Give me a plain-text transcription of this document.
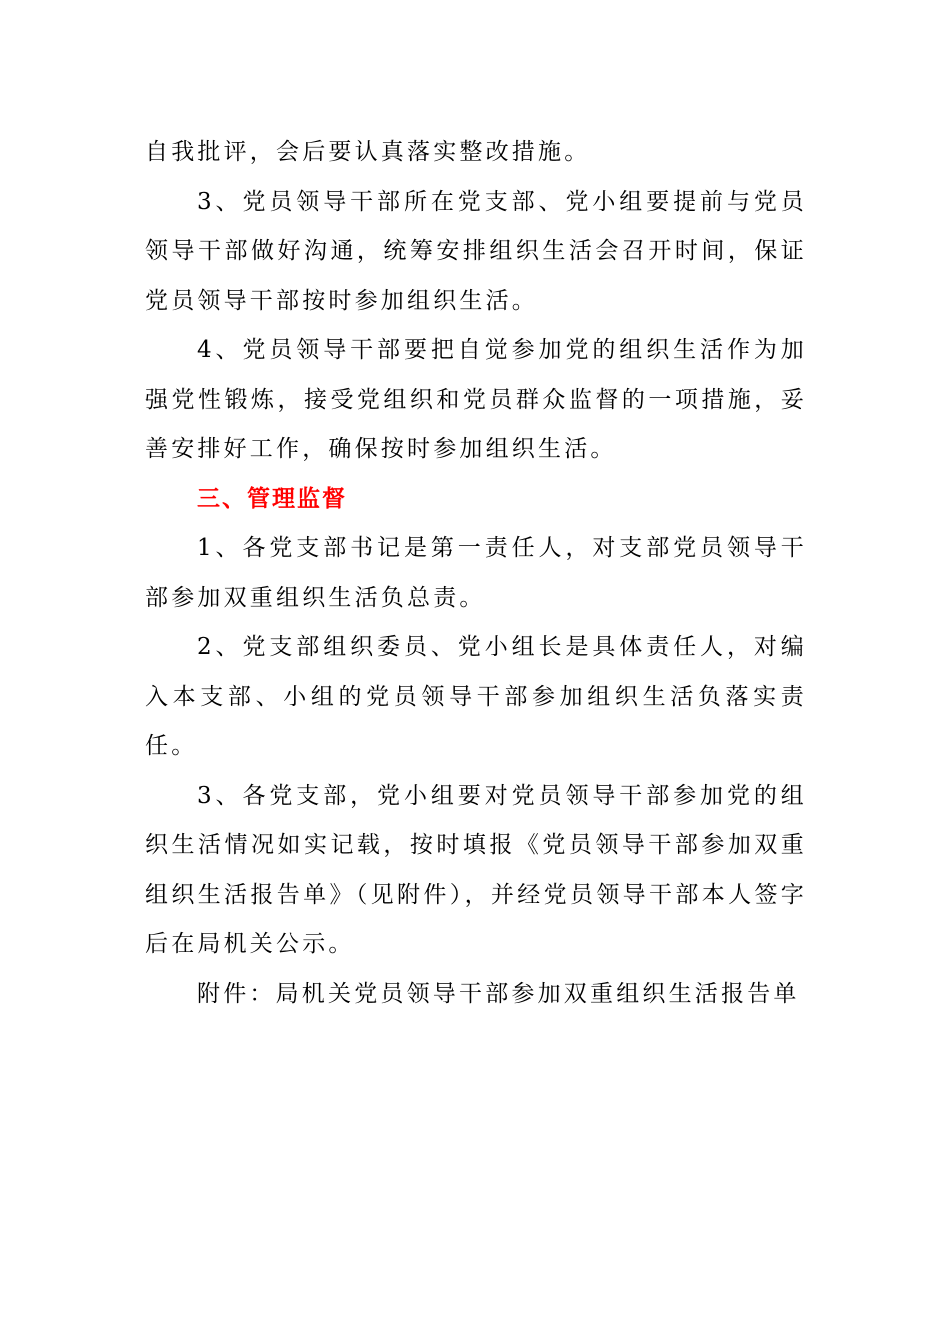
自我批评，会后要认真落实整改措施。

3、党员领导干部所在党支部、党小组要提前与党员领导干部做好沟通，统筹安排组织生活会召开时间，保证党员领导干部按时参加组织生活。

4、党员领导干部要把自觉参加党的组织生活作为加强党性锻炼，接受党组织和党员群众监督的一项措施，妥善安排好工作，确保按时参加组织生活。

三、管理监督

1、各党支部书记是第一责任人，对支部党员领导干部参加双重组织生活负总责。

2、党支部组织委员、党小组长是具体责任人，对编入本支部、小组的党员领导干部参加组织生活负落实责任。

3、各党支部，党小组要对党员领导干部参加党的组织生活情况如实记载，按时填报《党员领导干部参加双重组织生活报告单》（见附件），并经党员领导干部本人签字后在局机关公示。

附件：局机关党员领导干部参加双重组织生活报告单
